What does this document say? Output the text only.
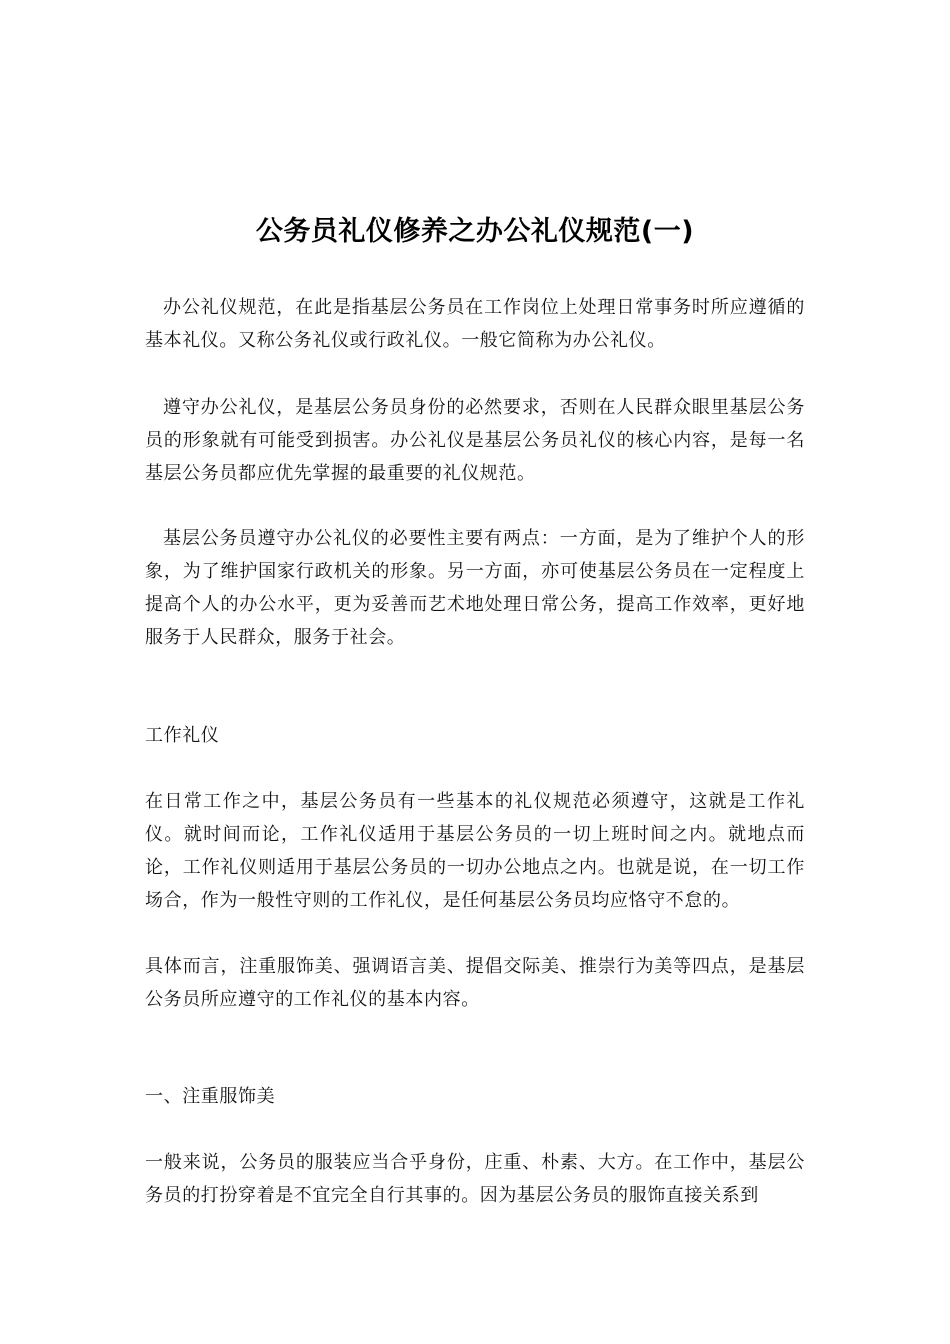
公务员礼仪修养之办公礼仪规范(一)

办公礼仪规范，在此是指基层公务员在工作岗位上处理日常事务时所应遵循的基本礼仪。又称公务礼仪或行政礼仪。一般它简称为办公礼仪。

遵守办公礼仪，是基层公务员身份的必然要求，否则在人民群众眼里基层公务员的形象就有可能受到损害。办公礼仪是基层公务员礼仪的核心内容，是每一名基层公务员都应优先掌握的最重要的礼仪规范。

基层公务员遵守办公礼仪的必要性主要有两点：一方面，是为了维护个人的形象，为了维护国家行政机关的形象。另一方面，亦可使基层公务员在一定程度上提高个人的办公水平，更为妥善而艺术地处理日常公务，提高工作效率，更好地服务于人民群众，服务于社会。

工作礼仪

在日常工作之中，基层公务员有一些基本的礼仪规范必须遵守，这就是工作礼仪。就时间而论，工作礼仪适用于基层公务员的一切上班时间之内。就地点而论，工作礼仪则适用于基层公务员的一切办公地点之内。也就是说，在一切工作场合，作为一般性守则的工作礼仪，是任何基层公务员均应恪守不怠的。

具体而言，注重服饰美、强调语言美、提倡交际美、推崇行为美等四点，是基层公务员所应遵守的工作礼仪的基本内容。

一、注重服饰美

一般来说，公务员的服装应当合乎身份，庄重、朴素、大方。在工作中，基层公务员的打扮穿着是不宜完全自行其事的。因为基层公务员的服饰直接关系到
